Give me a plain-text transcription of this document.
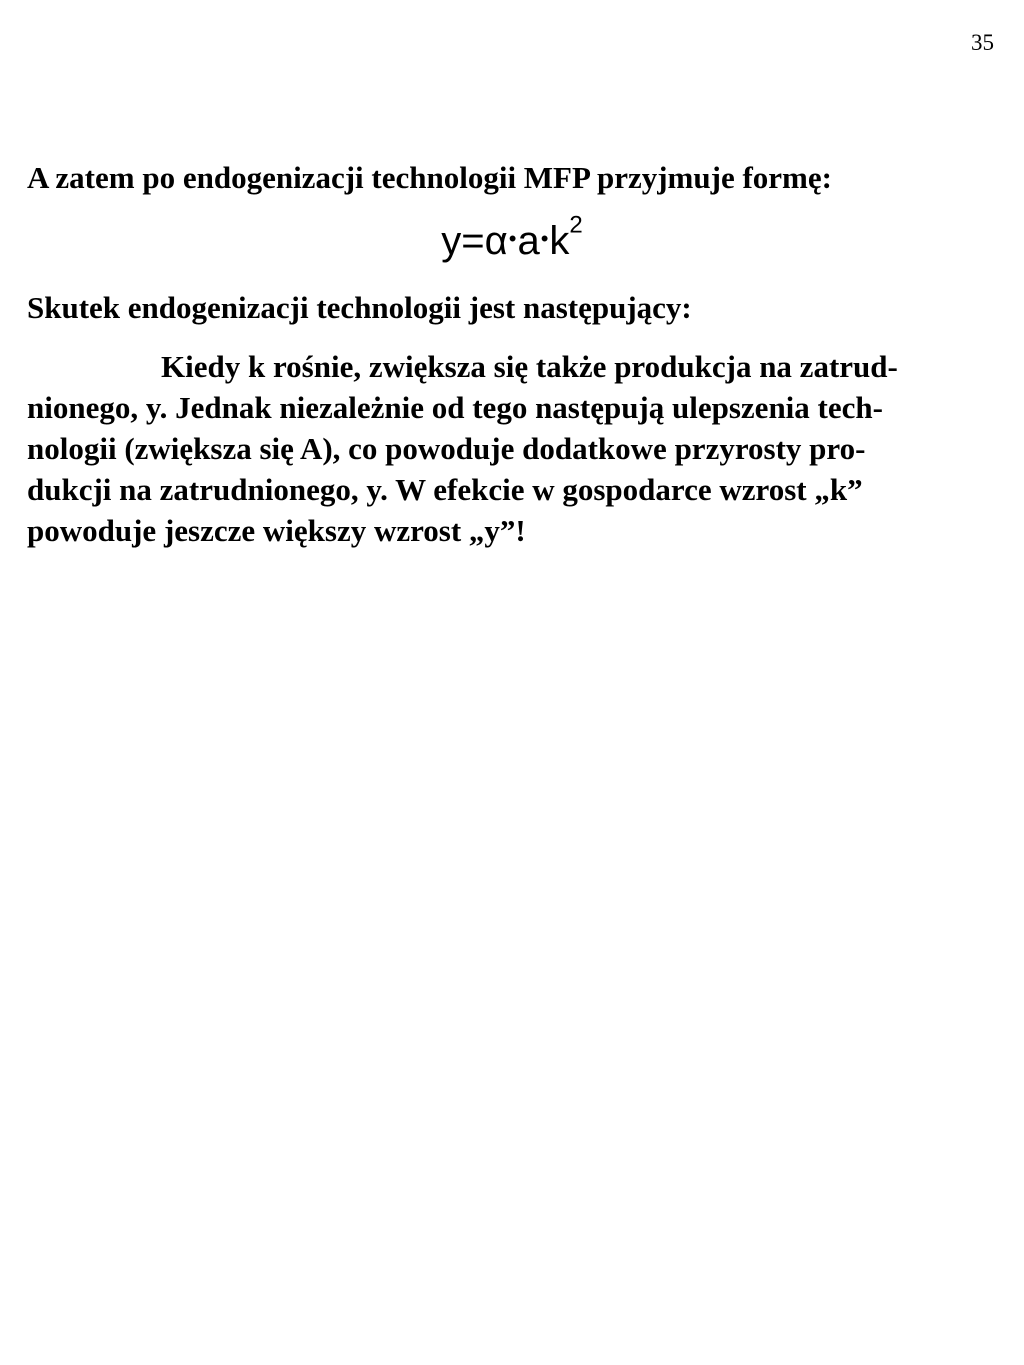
35
A zatem po endogenizacji technologii MFP przyjmuje formę:
$y=\alpha•a•k^2$
Skutek endogenizacji technologii jest następujący:

Kiedy k rośnie, zwiększa się także produkcja na zatrud-
nionego, y. Jednak niezależnie od tego następują ulepszenia tech-
nologii (zwiększa się A), co powoduje dodatkowe przyrosty pro-
dukcji na zatrudnionego, y. W efekcie w gospodarce wzrost „k”
powoduje jeszcze większy wzrost „y”!
